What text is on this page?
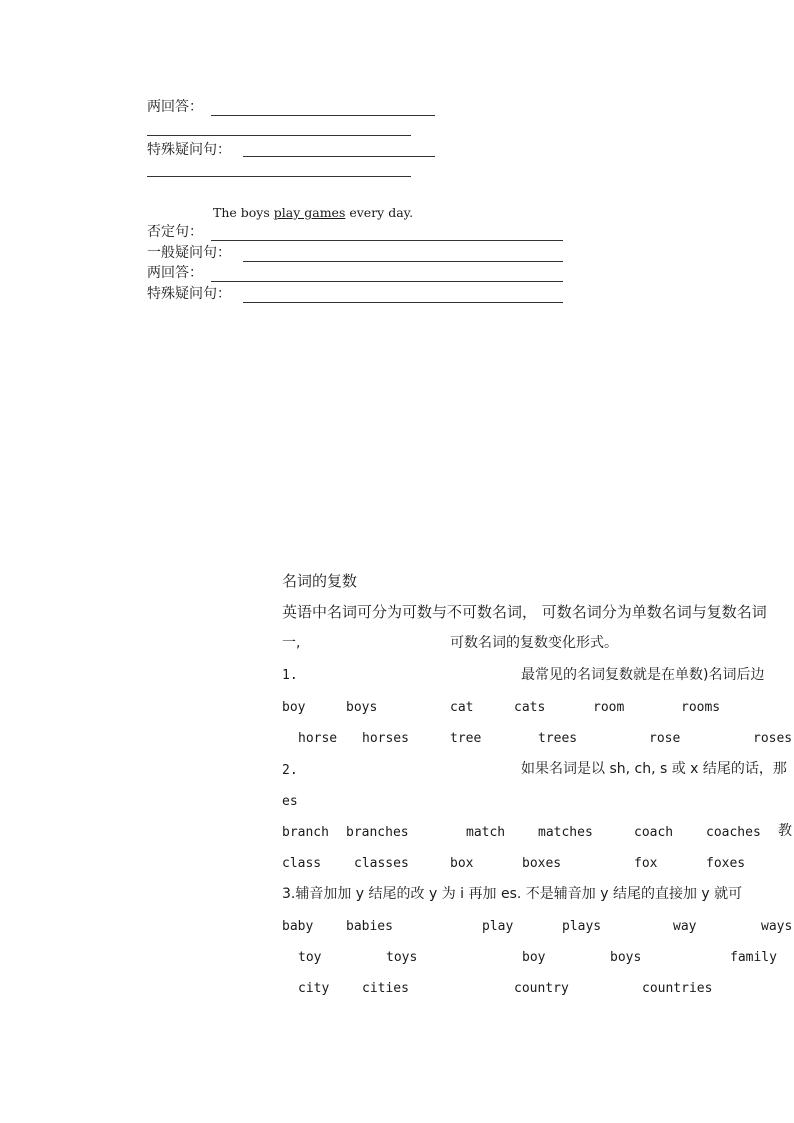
两回答：
特殊疑问句：
The boys play games every day.
否定句：
一般疑问句：
两回答：
特殊疑问句：
名词的复数
英语中名词可分为可数与不可数名词， 可数名词分为单数名词与复数名词
一,	可数名词的复数变化形式。
1.	最常见的名词复数就是在单数)名词后边
boy	boys	cat	cats	room	rooms
horse horses	tree	trees	rose	roses
2.	如果名词是以 sh, ch, s 或 x 结尾的话，那
es
branch branches	match	matches	coach	coaches 教
class	classes	box	boxes	fox	foxes
3.辅音加加 y 结尾的改 y 为 i 再加 es. 不是辅音加 y 结尾的直接加 y 就可
baby	babies	play	plays	way	ways
toy	toys	boy	boys	family
city	cities	country	countries
